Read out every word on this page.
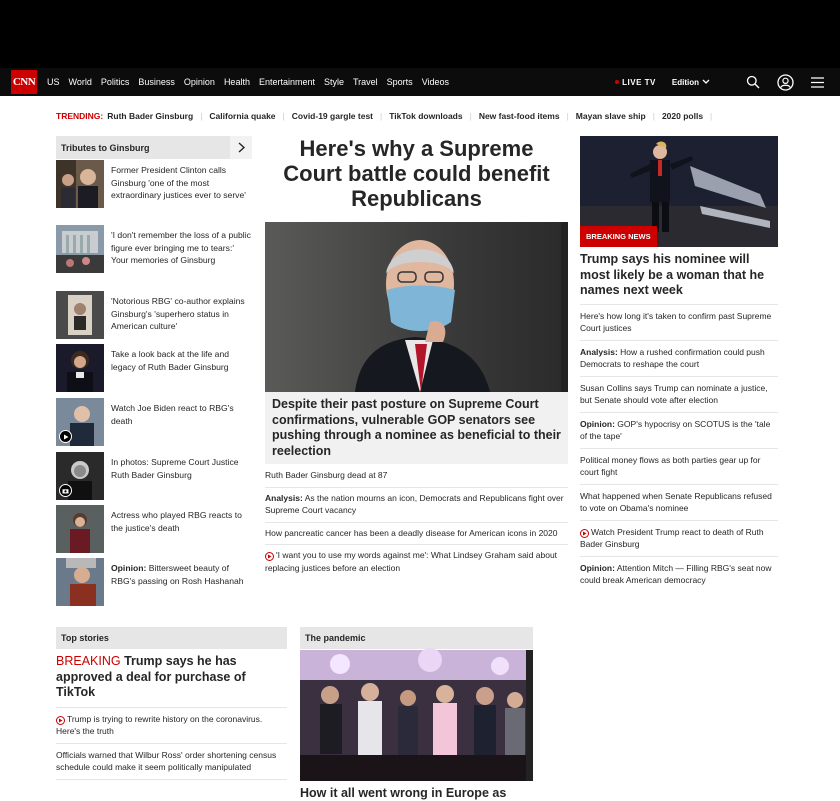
CNN US World Politics Business Opinion Health Entertainment Style Travel Sports Videos	LIVE TV Edition
TRENDING: Ruth Bader Ginsburg | California quake | Covid-19 gargle test | TikTok downloads | New fast-food items | Mayan slave ship | 2020 polls |
Tributes to Ginsburg
Former President Clinton calls Ginsburg 'one of the most extraordinary justices ever to serve'
'I don't remember the loss of a public figure ever bringing me to tears:' Your memories of Ginsburg
'Notorious RBG' co-author explains Ginsburg's 'superhero status in American culture'
Take a look back at the life and legacy of Ruth Bader Ginsburg
Watch Joe Biden react to RBG's death
In photos: Supreme Court Justice Ruth Bader Ginsburg
Actress who played RBG reacts to the justice's death
Opinion: Bittersweet beauty of RBG's passing on Rosh Hashanah
Here's why a Supreme Court battle could benefit Republicans
Despite their past posture on Supreme Court confirmations, vulnerable GOP senators see pushing through a nominee as beneficial to their reelection
Ruth Bader Ginsburg dead at 87
Analysis: As the nation mourns an icon, Democrats and Republicans fight over Supreme Court vacancy
How pancreatic cancer has been a deadly disease for American icons in 2020
'I want you to use my words against me': What Lindsey Graham said about replacing justices before an election
BREAKING NEWS
Trump says his nominee will most likely be a woman that he names next week
Here's how long it's taken to confirm past Supreme Court justices
Analysis: How a rushed confirmation could push Democrats to reshape the court
Susan Collins says Trump can nominate a justice, but Senate should vote after election
Opinion: GOP's hypocrisy on SCOTUS is the 'tale of the tape'
Political money flows as both parties gear up for court fight
What happened when Senate Republicans refused to vote on Obama's nominee
Watch President Trump react to death of Ruth Bader Ginsburg
Opinion: Attention Mitch — Filling RBG's seat now could break American democracy
Top stories
BREAKING Trump says he has approved a deal for purchase of TikTok
Trump is trying to rewrite history on the coronavirus. Here's the truth
Officials warned that Wilbur Ross' order shortening census schedule could make it seem politically manipulated
The pandemic
How it all went wrong in Europe as
